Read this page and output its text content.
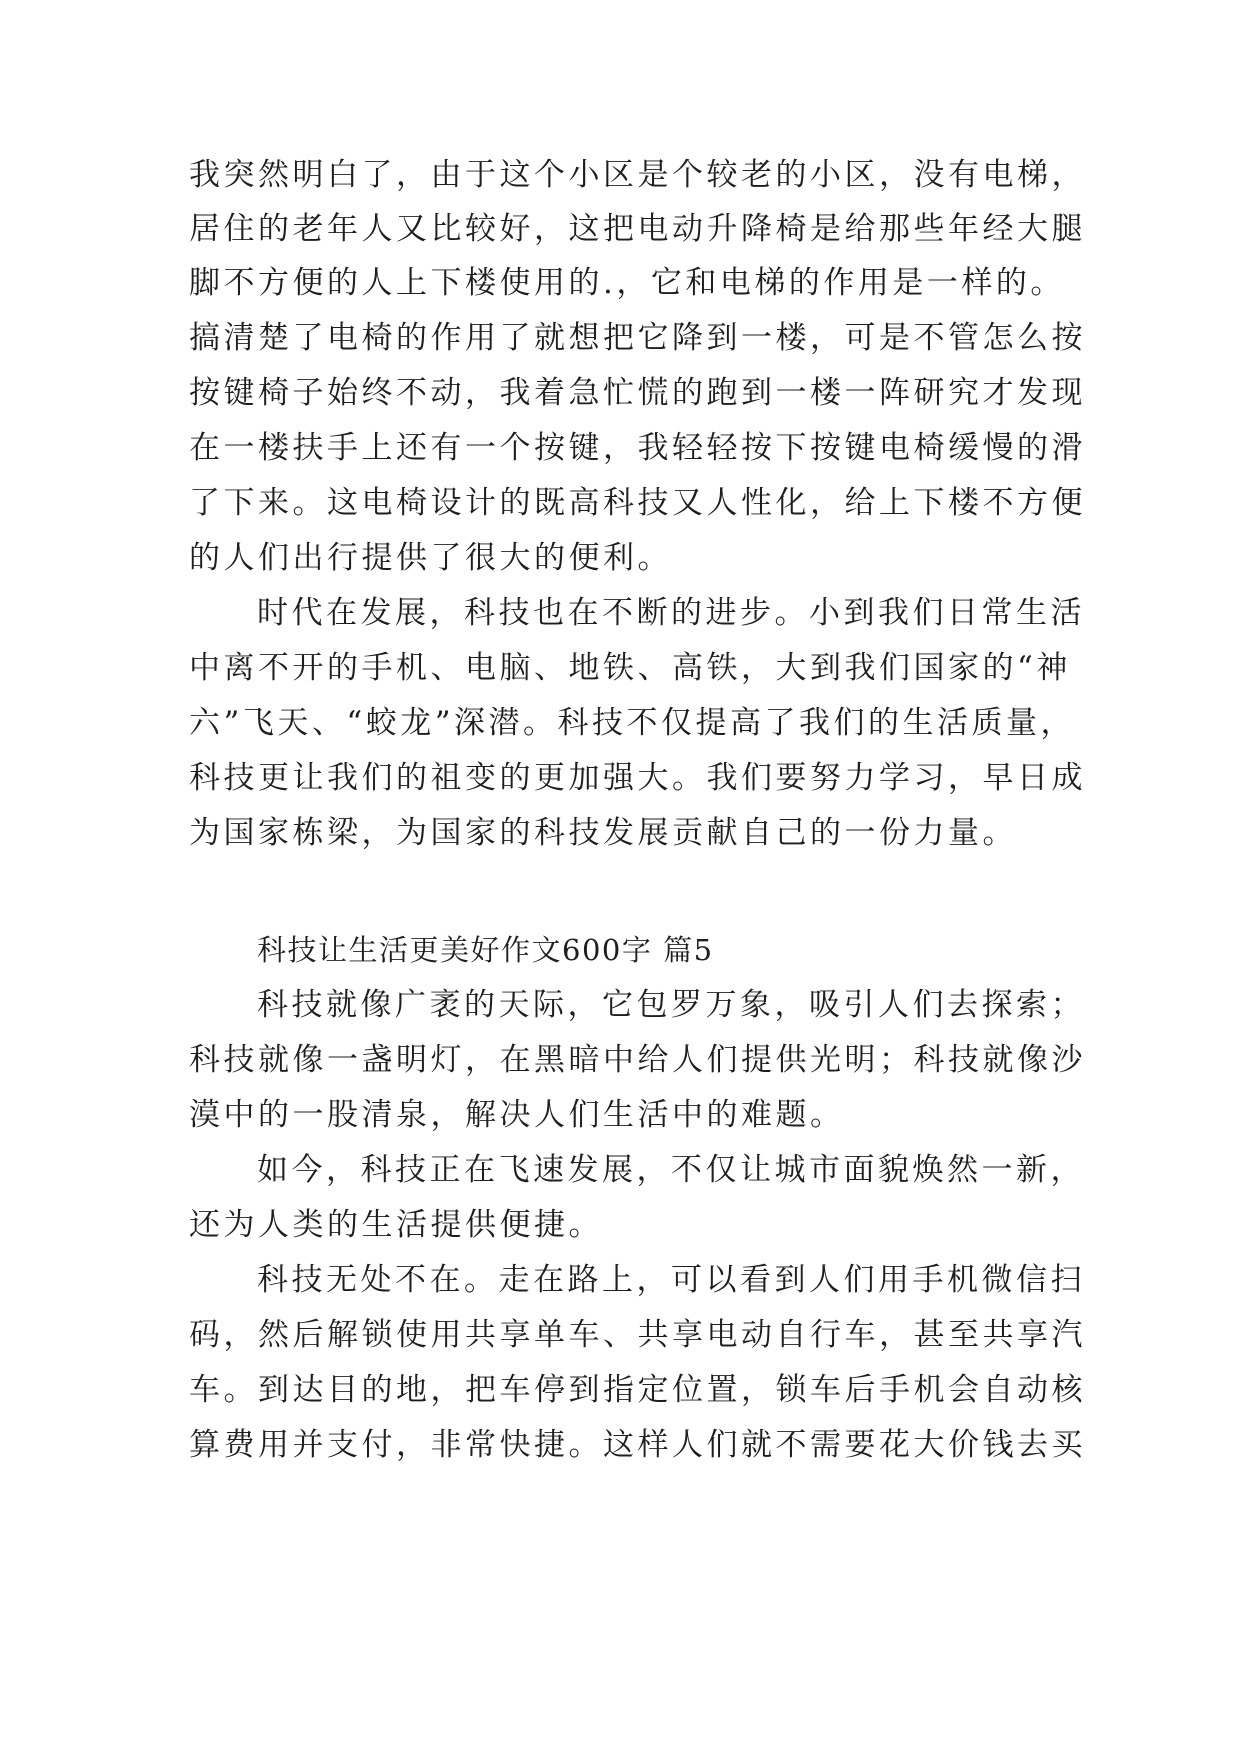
我突然明白了，由于这个小区是个较老的小区，没有电梯，
居住的老年人又比较好，这把电动升降椅是给那些年经大腿
脚不方便的人上下楼使用的.，它和电梯的作用是一样的。
搞清楚了电椅的作用了就想把它降到一楼，可是不管怎么按
按键椅子始终不动，我着急忙慌的跑到一楼一阵研究才发现
在一楼扶手上还有一个按键，我轻轻按下按键电椅缓慢的滑
了下来。这电椅设计的既高科技又人性化，给上下楼不方便
的人们出行提供了很大的便利。
时代在发展，科技也在不断的进步。小到我们日常生活
中离不开的手机、电脑、地铁、高铁，大到我们国家的“神
六”飞天、“蛟龙”深潜。科技不仅提高了我们的生活质量，
科技更让我们的祖变的更加强大。我们要努力学习，早日成
为国家栋梁，为国家的科技发展贡献自己的一份力量。
科技让生活更美好作文600字 篇5
科技就像广袤的天际，它包罗万象，吸引人们去探索；
科技就像一盏明灯，在黑暗中给人们提供光明；科技就像沙
漠中的一股清泉，解决人们生活中的难题。
如今，科技正在飞速发展，不仅让城市面貌焕然一新，
还为人类的生活提供便捷。
科技无处不在。走在路上，可以看到人们用手机微信扫
码，然后解锁使用共享单车、共享电动自行车，甚至共享汽
车。到达目的地，把车停到指定位置，锁车后手机会自动核
算费用并支付，非常快捷。这样人们就不需要花大价钱去买
